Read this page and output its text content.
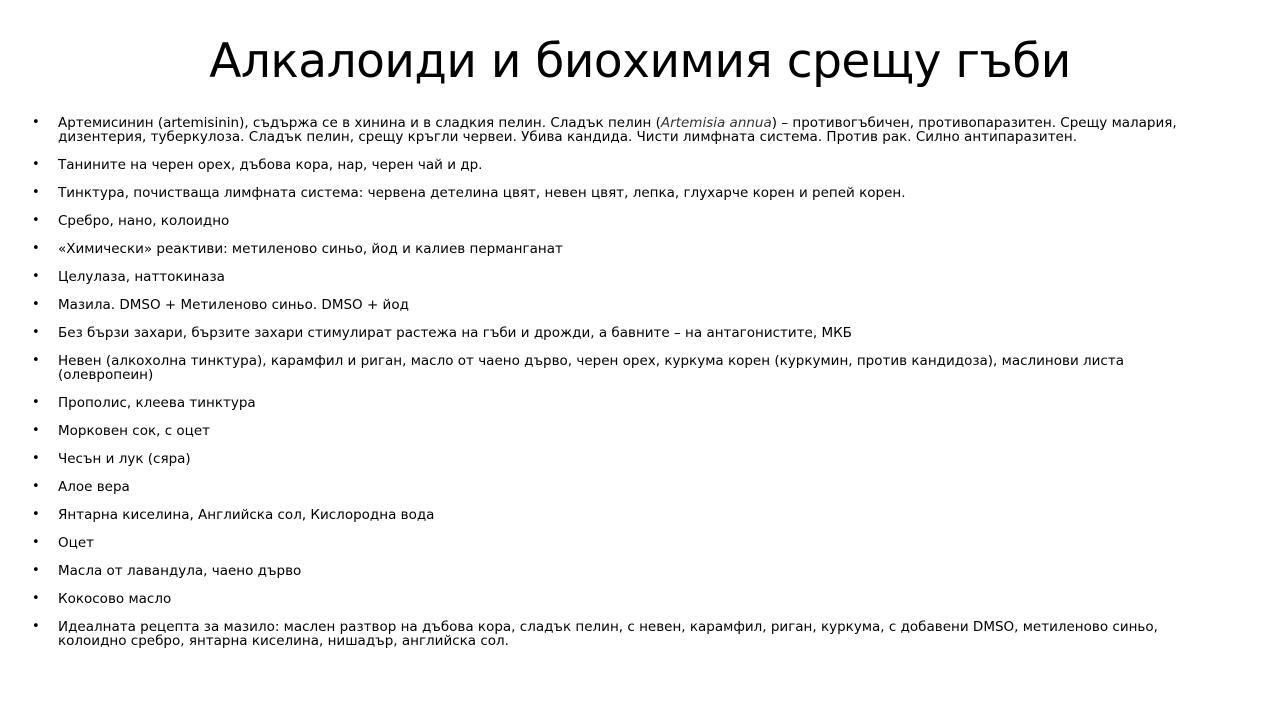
Алкалоиди и биохимия срещу гъби
• Артемисинин (artemisinin), съдържа се в хинина и в сладкия пелин. Сладък пелин (Artemisia annua) – противогъбичен, противопаразитен. Срещу малария, дизентерия, туберкулоза. Сладък пелин, срещу кръгли червеи. Убива кандида. Чисти лимфната система. Против рак. Силно антипаразитен.
• Танините на черен орех, дъбова кора, нар, черен чай и др.
• Тинктура, почистваща лимфната система: червена детелина цвят, невен цвят, лепка, глухарче корен и репей корен.
• Сребро, нано, колоидно
• «Химически» реактиви: метиленово синьо, йод и калиев перманганат
• Целулаза, наттокиназа
• Мазила. DMSO + Метиленово синьо. DMSO + йод
• Без бързи захари, бързите захари стимулират растежа на гъби и дрожди, а бавните – на антагонистите, МКБ
• Невен (алкохолна тинктура), карамфил и риган, масло от чаено дърво, черен орех, куркума корен (куркумин, против кандидоза), маслинови листа (олевропеин)
• Прополис, клеева тинктура
• Морковен сок, с оцет
• Чесън и лук (сяра)
• Алое вера
• Янтарна киселина, Английска сол, Кислородна вода
• Оцет
• Масла от лавандула, чаено дърво
• Кокосово масло
• Идеалната рецепта за мазило: маслен разтвор на дъбова кора, сладък пелин, с невен, карамфил, риган, куркума, с добавени DMSO, метиленово синьо, колоидно сребро, янтарна киселина, нишадър, английска сол.
